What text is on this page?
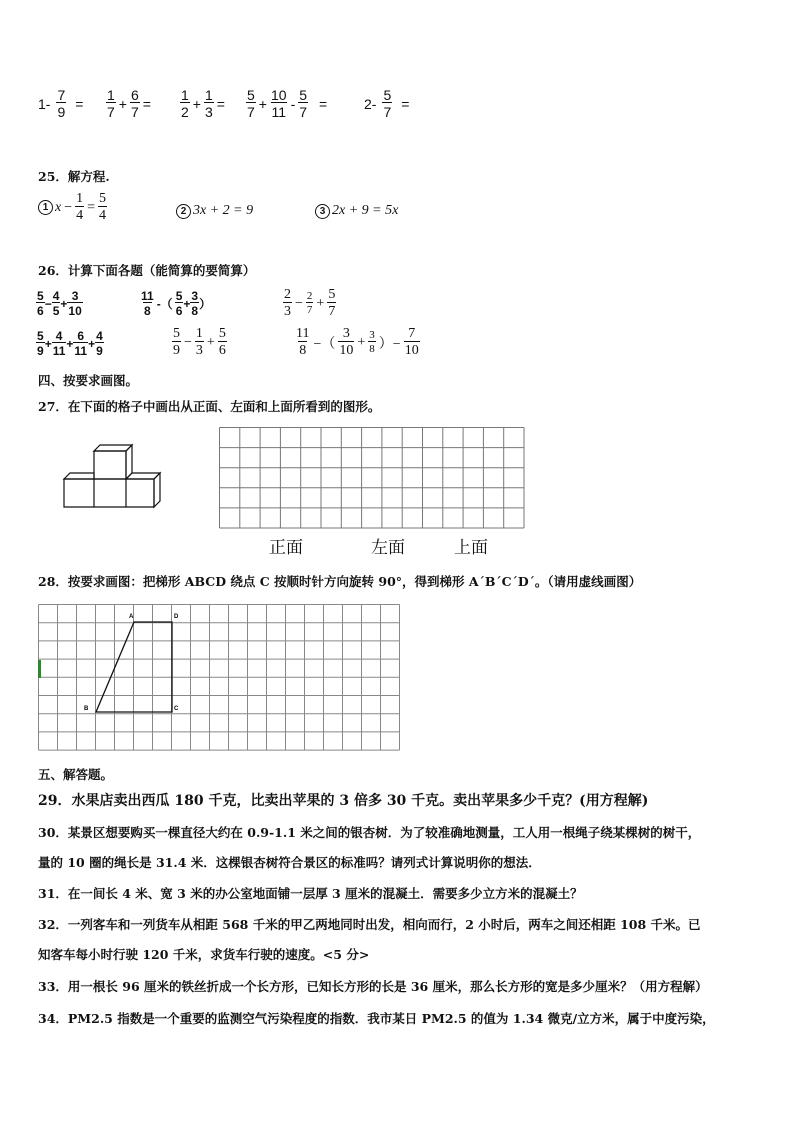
$1- \frac{7}{9} = \frac{1}{7} + \frac{6}{7} = \frac{1}{2} + \frac{1}{3} = \frac{5}{7} + \frac{10}{11} - \frac{5}{7}$ =	$2- \frac{5}{7}$ =
25．解方程.
1 $x - \frac{1}{4} = \frac{5}{4}$	2 3x + 2 = 9	3 2x + 9 = 5x
26．计算下面各题（能简算的要简算）
$\frac{5}{6} - \frac{4}{5} + \frac{3}{10}$	$\frac{11}{8}$ -（ $\frac{5}{6} + \frac{3}{8}$ ）	$\frac{2}{3} - \frac{2}{7} + \frac{5}{7}$
$\frac{5}{9} + \frac{4}{11} + \frac{6}{11} + \frac{4}{9}$	$\frac{5}{9} - \frac{1}{3} + \frac{5}{6}$	$\frac{11}{8}$ −（ $\frac{3}{10} + \frac{3}{8}$ ）− $\frac{7}{10}$
四、按要求画图。
27．在下面的格子中画出从正面、左面和上面所看到的图形。
正面	左面	上面
28．按要求画图：把梯形 ABCD 绕点 C 按顺时针方向旋转 90°，得到梯形 A´B´C´D´。（请用虚线画图）
A	D
B	C
五、解答题。
29．水果店卖出西瓜 180 千克，比卖出苹果的 3 倍多 30 千克。卖出苹果多少千克？(用方程解)
30．某景区想要购买一棵直径大约在 0.9-1.1 米之间的银杏树．为了较准确地测量，工人用一根绳子绕某棵树的树干，
量的 10 圈的绳长是 31.4 米．这棵银杏树符合景区的标准吗？请列式计算说明你的想法．
31．在一间长 4 米、宽 3 米的办公室地面铺一层厚 3 厘米的混凝土．需要多少立方米的混凝土？
32．一列客车和一列货车从相距 568 千米的甲乙两地同时出发，相向而行，2 小时后，两车之间还相距 108 千米。已
知客车每小时行驶 120 千米，求货车行驶的速度。<5 分>
33．用一根长 96 厘米的铁丝折成一个长方形，已知长方形的长是 36 厘米，那么长方形的宽是多少厘米？（用方程解）
34．PM2.5 指数是一个重要的监测空气污染程度的指数．我市某日 PM2.5 的值为 1.34 微克/立方米，属于中度污染，
